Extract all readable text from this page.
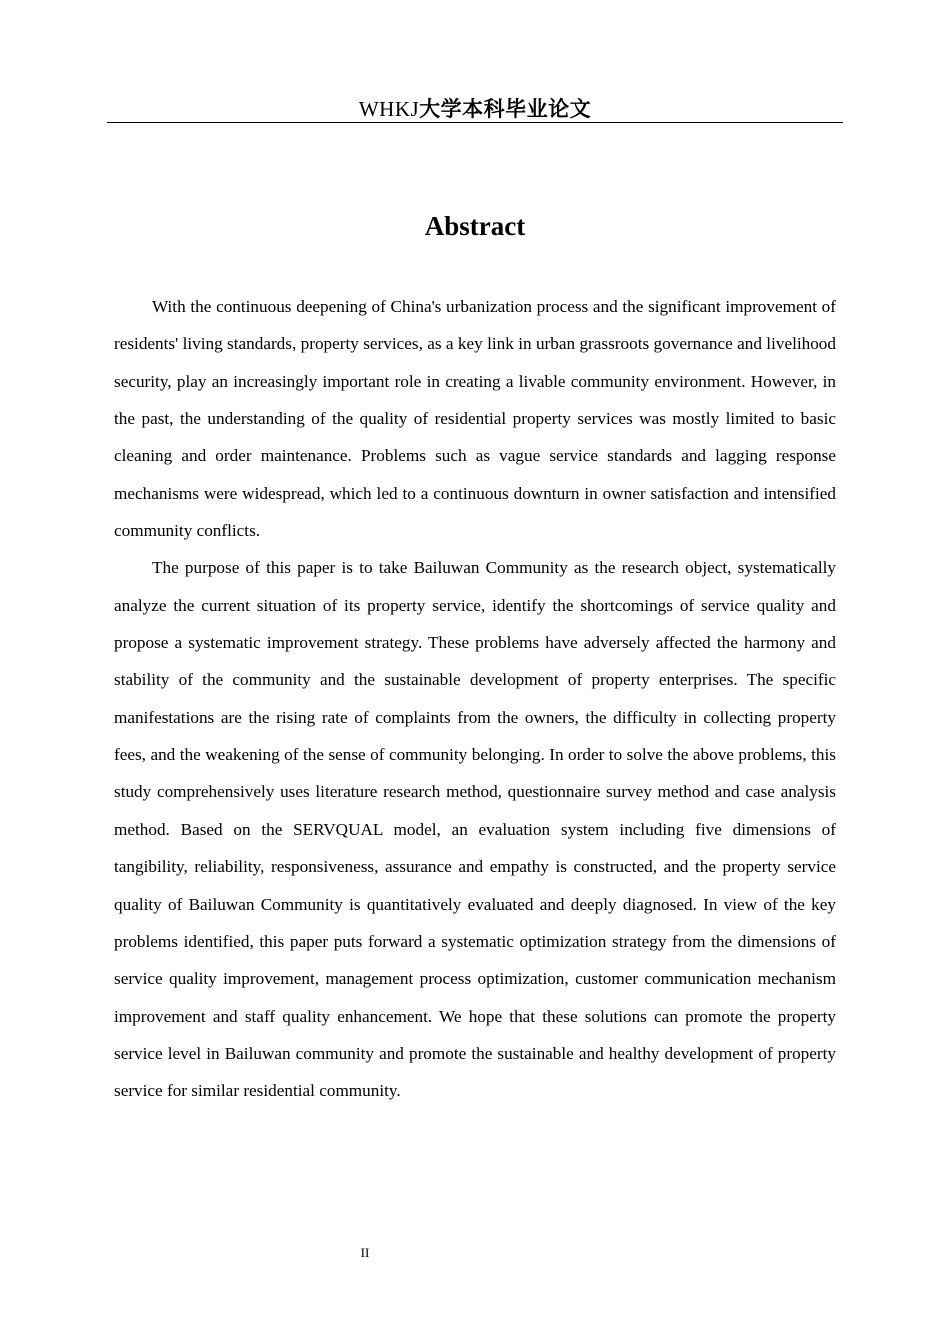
WHKJ大学本科毕业论文
Abstract

With the continuous deepening of China's urbanization process and the significant improvement of residents' living standards, property services, as a key link in urban grassroots governance and livelihood security, play an increasingly important role in creating a livable community environment. However, in the past, the understanding of the quality of residential property services was mostly limited to basic cleaning and order maintenance. Problems such as vague service standards and lagging response mechanisms were widespread, which led to a continuous downturn in owner satisfaction and intensified community conflicts.

The purpose of this paper is to take Bailuwan Community as the research object, systematically analyze the current situation of its property service, identify the shortcomings of service quality and propose a systematic improvement strategy. These problems have adversely affected the harmony and stability of the community and the sustainable development of property enterprises. The specific manifestations are the rising rate of complaints from the owners, the difficulty in collecting property fees, and the weakening of the sense of community belonging. In order to solve the above problems, this study comprehensively uses literature research method, questionnaire survey method and case analysis method. Based on the SERVQUAL model, an evaluation system including five dimensions of tangibility, reliability, responsiveness, assurance and empathy is constructed, and the property service quality of Bailuwan Community is quantitatively evaluated and deeply diagnosed. In view of the key problems identified, this paper puts forward a systematic optimization strategy from the dimensions of service quality improvement, management process optimization, customer communication mechanism improvement and staff quality enhancement. We hope that these solutions can promote the property service level in Bailuwan community and promote the sustainable and healthy development of property service for similar residential community.

II
